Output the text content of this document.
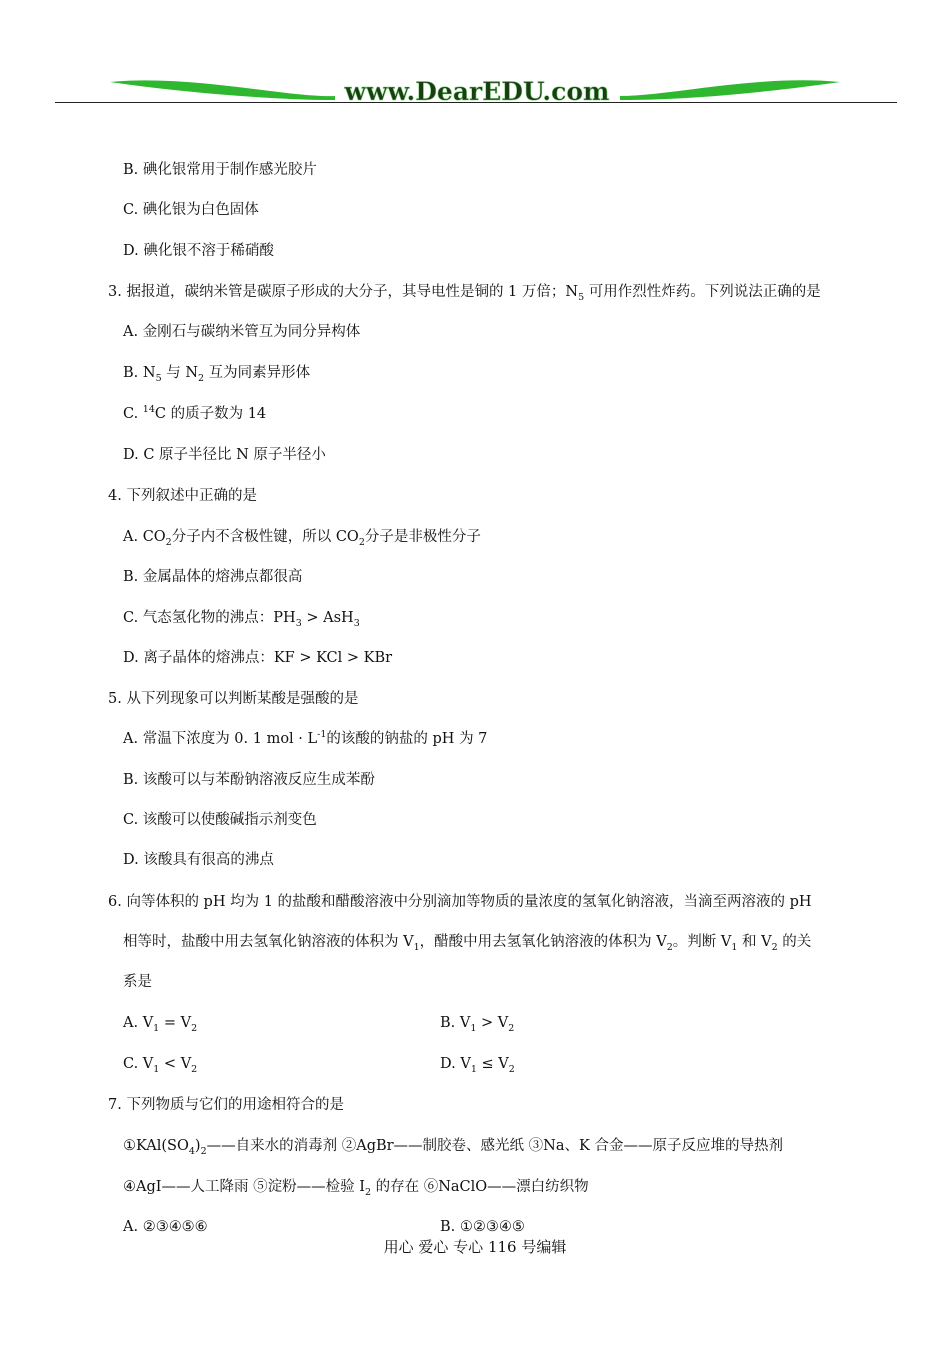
www.DearEDU.com
B. 碘化银常用于制作感光胶片
C. 碘化银为白色固体
D. 碘化银不溶于稀硝酸
3. 据报道，碳纳米管是碳原子形成的大分子，其导电性是铜的 1 万倍；$N_5$ 可用作烈性炸药。下列说法正确的是
A. 金刚石与碳纳米管互为同分异构体
B. $N_5$ 与 $N_2$ 互为同素异形体
C. $^{14}$C 的质子数为 14
D. C 原子半径比 N 原子半径小
4. 下列叙述中正确的是
A. $CO_2$分子内不含极性键，所以 $CO_2$分子是非极性分子
B. 金属晶体的熔沸点都很高
C. 气态氢化物的沸点：$PH_3 > AsH_3$
D. 离子晶体的熔沸点：KF > KCl > KBr
5. 从下列现象可以判断某酸是强酸的是
A. 常温下浓度为 0. 1 mol · $L^{-1}$的该酸的钠盐的 pH 为 7
B. 该酸可以与苯酚钠溶液反应生成苯酚
C. 该酸可以使酸碱指示剂变色
D. 该酸具有很高的沸点
6. 向等体积的 pH 均为 1 的盐酸和醋酸溶液中分别滴加等物质的量浓度的氢氧化钠溶液，当滴至两溶液的 pH
相等时，盐酸中用去氢氧化钠溶液的体积为 $V_1$，醋酸中用去氢氧化钠溶液的体积为 $V_2$。判断 $V_1$ 和 $V_2$ 的关
系是
A. $V_1 = V_2$	B. $V_1 > V_2$
C. $V_1 < V_2$	D. $V_1 \le V_2$
7. 下列物质与它们的用途相符合的是
$①KAl(SO_4)_2——$自来水的消毒剂 ②AgBr——制胶卷、感光纸 ③Na、K 合金——原子反应堆的导热剂
④AgI——人工降雨 ⑤淀粉——检验 $I_2$ 的存在 ⑥NaClO——漂白纺织物
A. ②③④⑤⑥	B. ①②③④⑤
用心 爱心 专心 116 号编辑
